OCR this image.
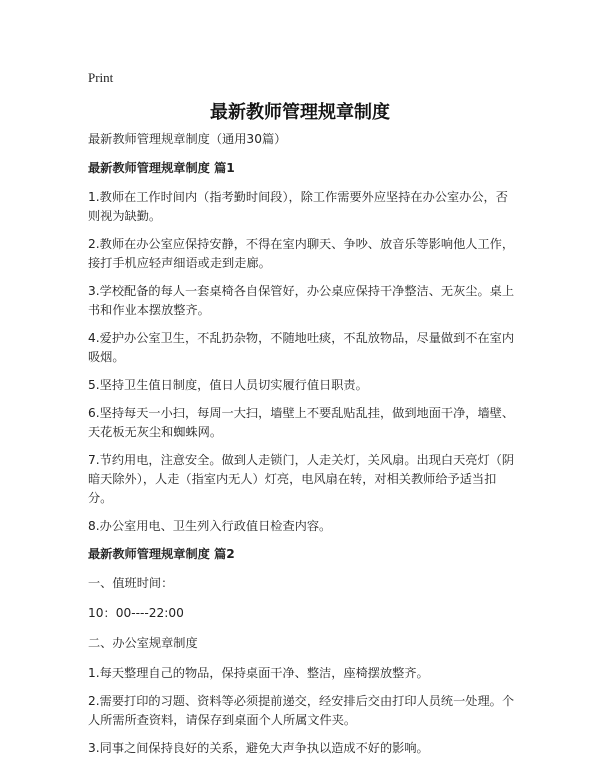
Print
最新教师管理规章制度

最新教师管理规章制度（通用30篇）

最新教师管理规章制度 篇1

1.教师在工作时间内（指考勤时间段），除工作需要外应坚持在办公室办公，否则视为缺勤。

2.教师在办公室应保持安静，不得在室内聊天、争吵、放音乐等影响他人工作，接打手机应轻声细语或走到走廊。

3.学校配备的每人一套桌椅各自保管好，办公桌应保持干净整洁、无灰尘。桌上书和作业本摆放整齐。

4.爱护办公室卫生，不乱扔杂物，不随地吐痰，不乱放物品，尽量做到不在室内吸烟。

5.坚持卫生值日制度，值日人员切实履行值日职责。

6.坚持每天一小扫，每周一大扫，墙壁上不要乱贴乱挂，做到地面干净，墙壁、天花板无灰尘和蜘蛛网。

7.节约用电，注意安全。做到人走锁门，人走关灯，关风扇。出现白天亮灯（阴暗天除外），人走（指室内无人）灯亮，电风扇在转，对相关教师给予适当扣分。

8.办公室用电、卫生列入行政值日检查内容。

最新教师管理规章制度 篇2

一、值班时间：

10：00----22:00

二、办公室规章制度

1.每天整理自己的物品，保持桌面干净、整洁，座椅摆放整齐。

2.需要打印的习题、资料等必须提前递交，经安排后交由打印人员统一处理。个人所需所查资料，请保存到桌面个人所属文件夹。

3.同事之间保持良好的关系，避免大声争执以造成不好的影响。
